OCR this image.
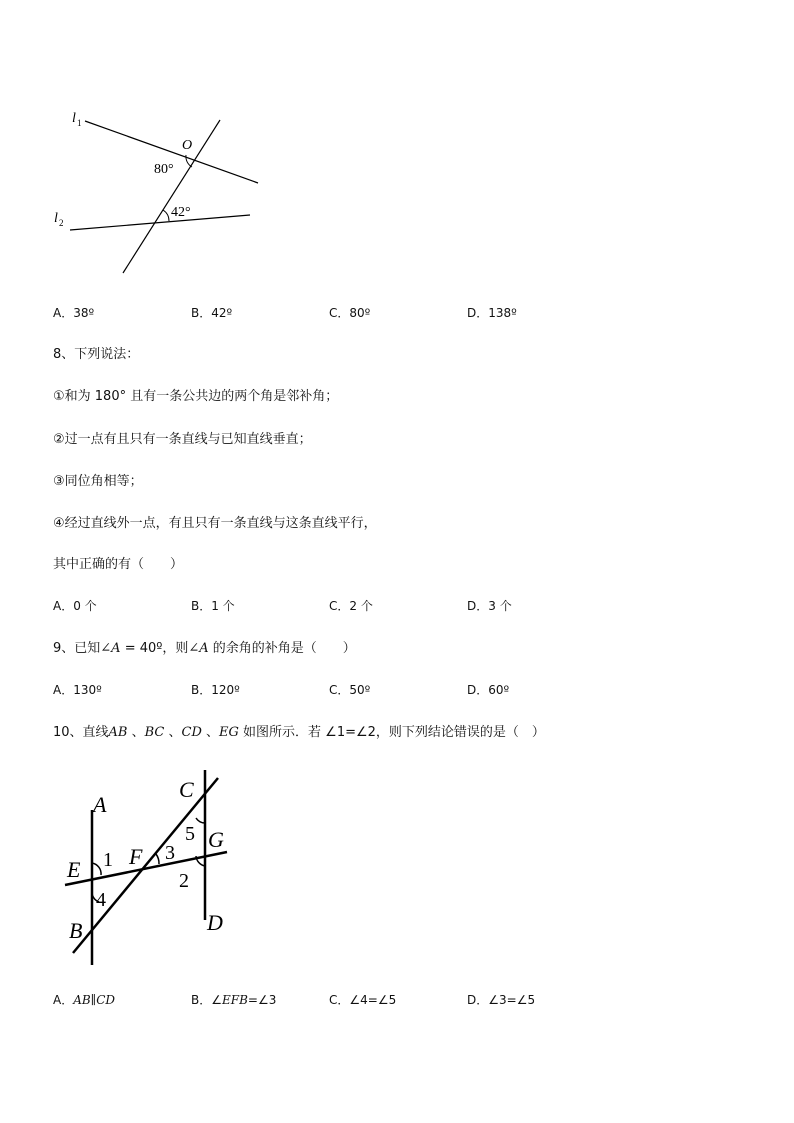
l 1
l 2
O
80°
42°
A．38º	B．42º	C．80º	D．138º
8、下列说法：
①和为 180° 且有一条公共边的两个角是邻补角；
②过一点有且只有一条直线与已知直线垂直；
③同位角相等；
④经过直线外一点，有且只有一条直线与这条直线平行，
其中正确的有（　　）
A．0 个	B．1 个	C．2 个	D．3 个
9、已知∠A = 40º，则∠A 的余角的补角是（　　）
A．130º	B．120º	C．50º	D．60º
10、直线AB 、BC 、CD 、EG 如图所示．若 ∠1=∠2，则下列结论错误的是（　）
A
B
C
D
E
F
G
1
2
3
4
5
A．AB∥CD	B．∠EFB=∠3	C．∠4=∠5	D．∠3=∠5
